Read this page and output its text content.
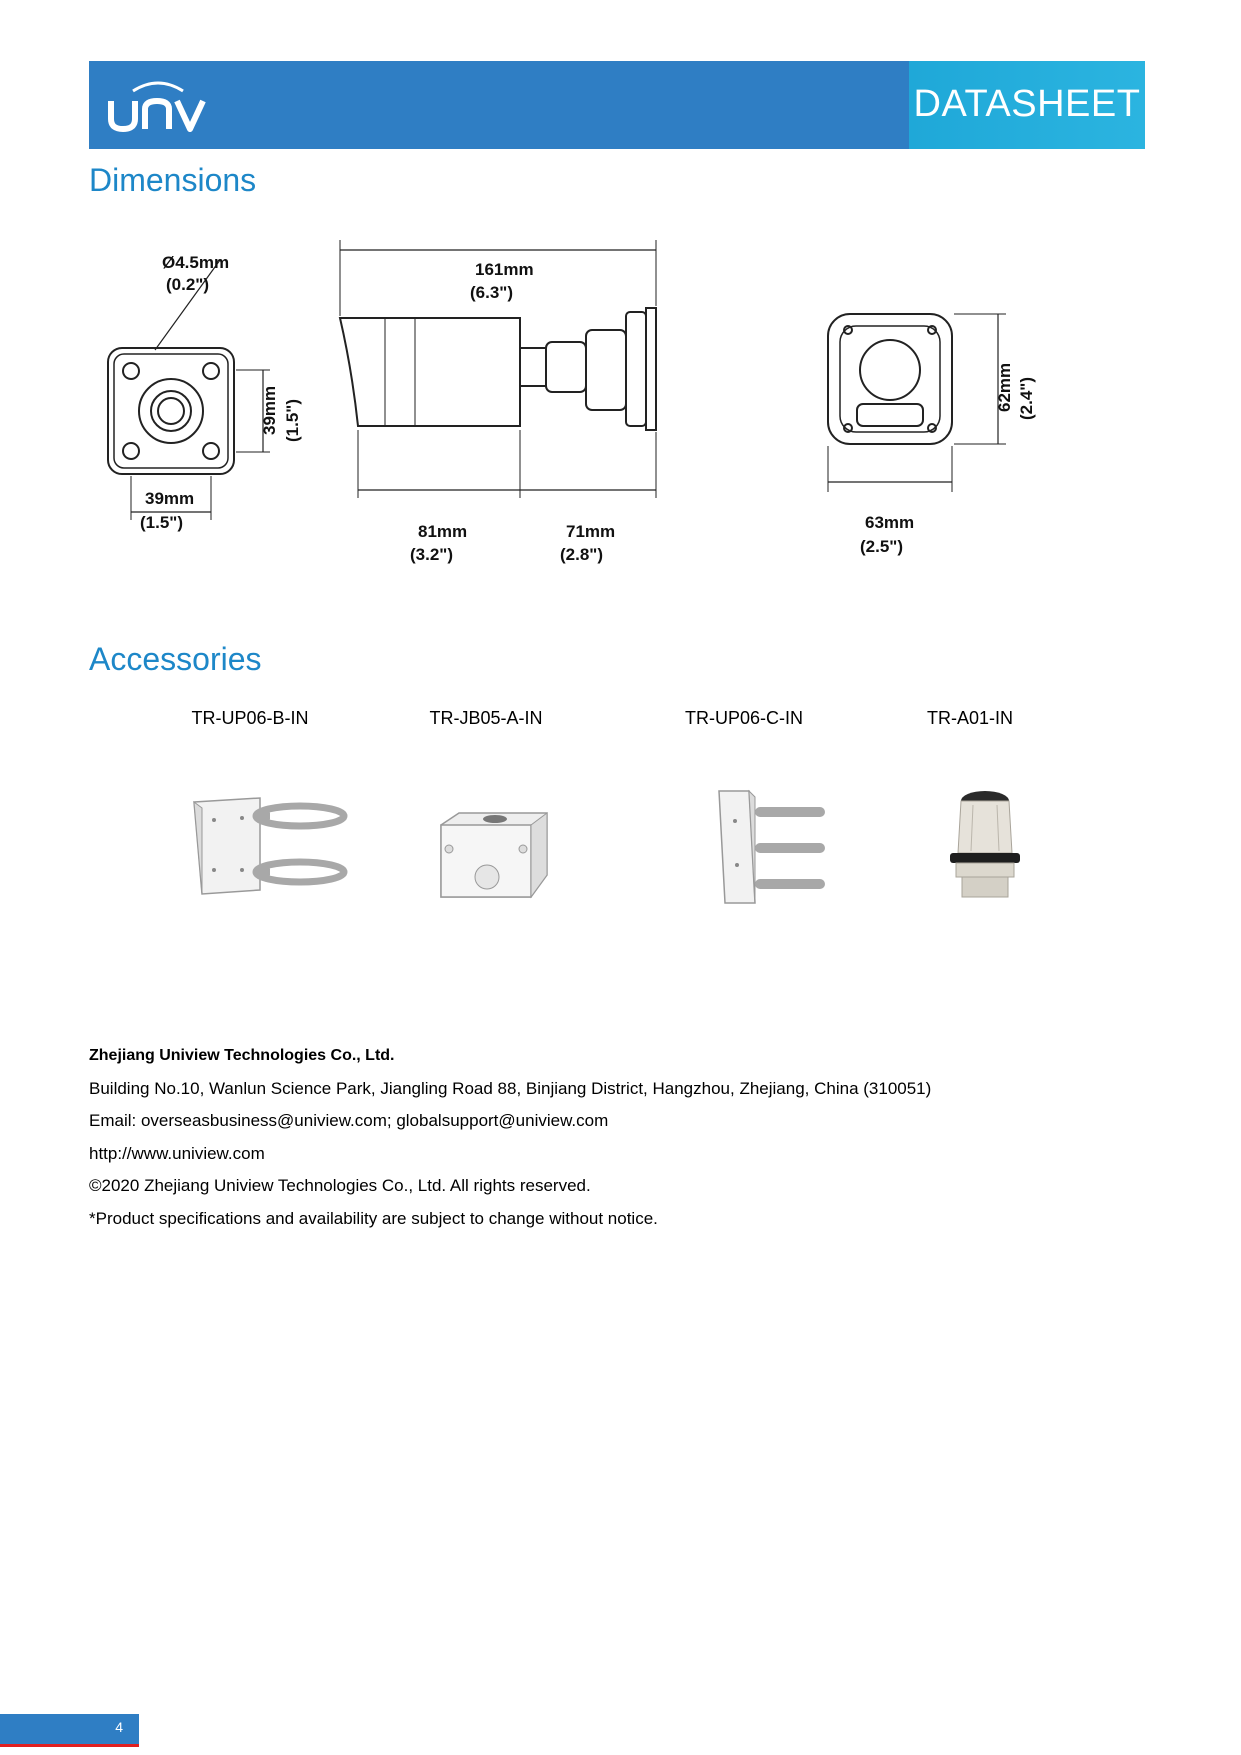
DATASHEET
Dimensions
Ø4.5mm
(0.2")
39mm (1.5")
39mm
(1.5")
161mm
(6.3")
81mm
(3.2")
71mm
(2.8")
62mm (2.4")
63mm
(2.5")
Accessories
TR-UP06-B-IN	TR-JB05-A-IN	TR-UP06-C-IN	TR-A01-IN
Zhejiang Uniview Technologies Co., Ltd.
Building No.10, Wanlun Science Park, Jiangling Road 88, Binjiang District, Hangzhou, Zhejiang, China (310051)
Email: overseasbusiness@uniview.com; globalsupport@uniview.com
http://www.uniview.com
©2020 Zhejiang Uniview Technologies Co., Ltd. All rights reserved.
*Product specifications and availability are subject to change without notice.
4
